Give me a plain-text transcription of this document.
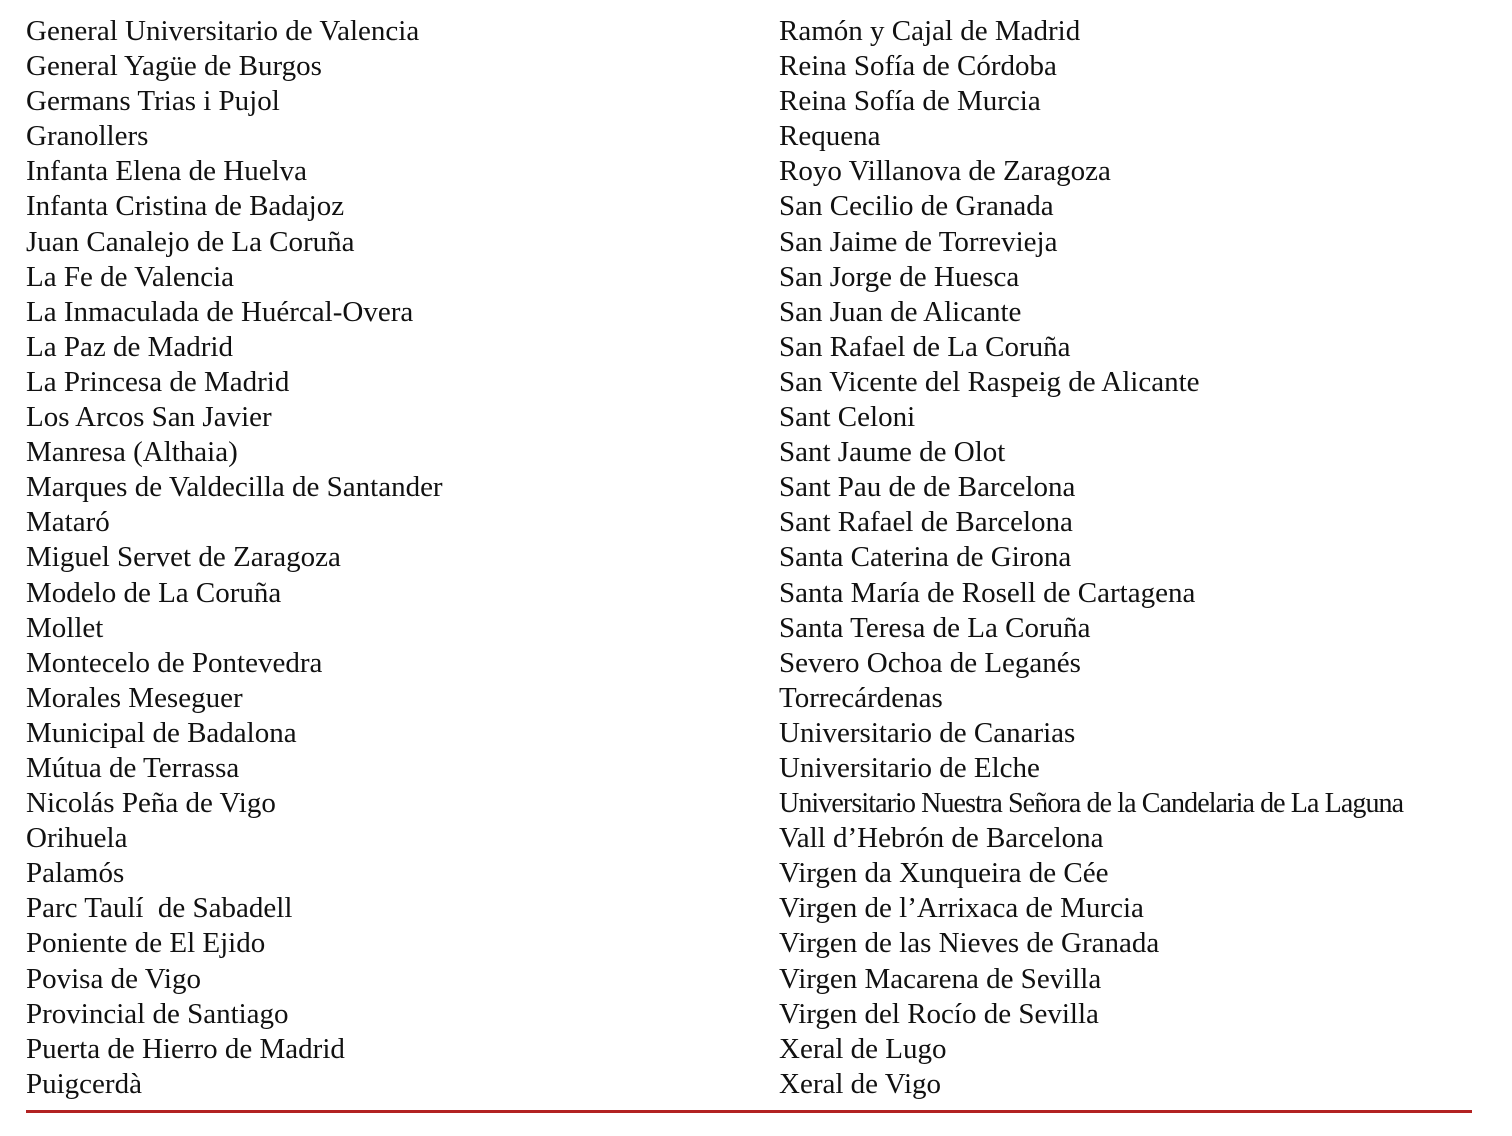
General Universitario de Valencia
General Yagüe de Burgos
Germans Trias i Pujol
Granollers
Infanta Elena de Huelva
Infanta Cristina de Badajoz
Juan Canalejo de La Coruña
La Fe de Valencia
La Inmaculada de Huércal-Overa
La Paz de Madrid
La Princesa de Madrid
Los Arcos San Javier
Manresa (Althaia)
Marques de Valdecilla de Santander
Mataró
Miguel Servet de Zaragoza
Modelo de La Coruña
Mollet
Montecelo de Pontevedra
Morales Meseguer
Municipal de Badalona
Mútua de Terrassa
Nicolás Peña de Vigo
Orihuela
Palamós
Parc Taulí  de Sabadell
Poniente de El Ejido
Povisa de Vigo
Provincial de Santiago
Puerta de Hierro de Madrid
Puigcerdà
Ramón y Cajal de Madrid
Reina Sofía de Córdoba
Reina Sofía de Murcia
Requena
Royo Villanova de Zaragoza
San Cecilio de Granada
San Jaime de Torrevieja
San Jorge de Huesca
San Juan de Alicante
San Rafael de La Coruña
San Vicente del Raspeig de Alicante
Sant Celoni
Sant Jaume de Olot
Sant Pau de de Barcelona
Sant Rafael de Barcelona
Santa Caterina de Girona
Santa María de Rosell de Cartagena
Santa Teresa de La Coruña
Severo Ochoa de Leganés
Torrecárdenas
Universitario de Canarias
Universitario de Elche
Universitario Nuestra Señora de la Candelaria de La Laguna
Vall d’Hebrón de Barcelona
Virgen da Xunqueira de Cée
Virgen de l’Arrixaca de Murcia
Virgen de las Nieves de Granada
Virgen Macarena de Sevilla
Virgen del Rocío de Sevilla
Xeral de Lugo
Xeral de Vigo
